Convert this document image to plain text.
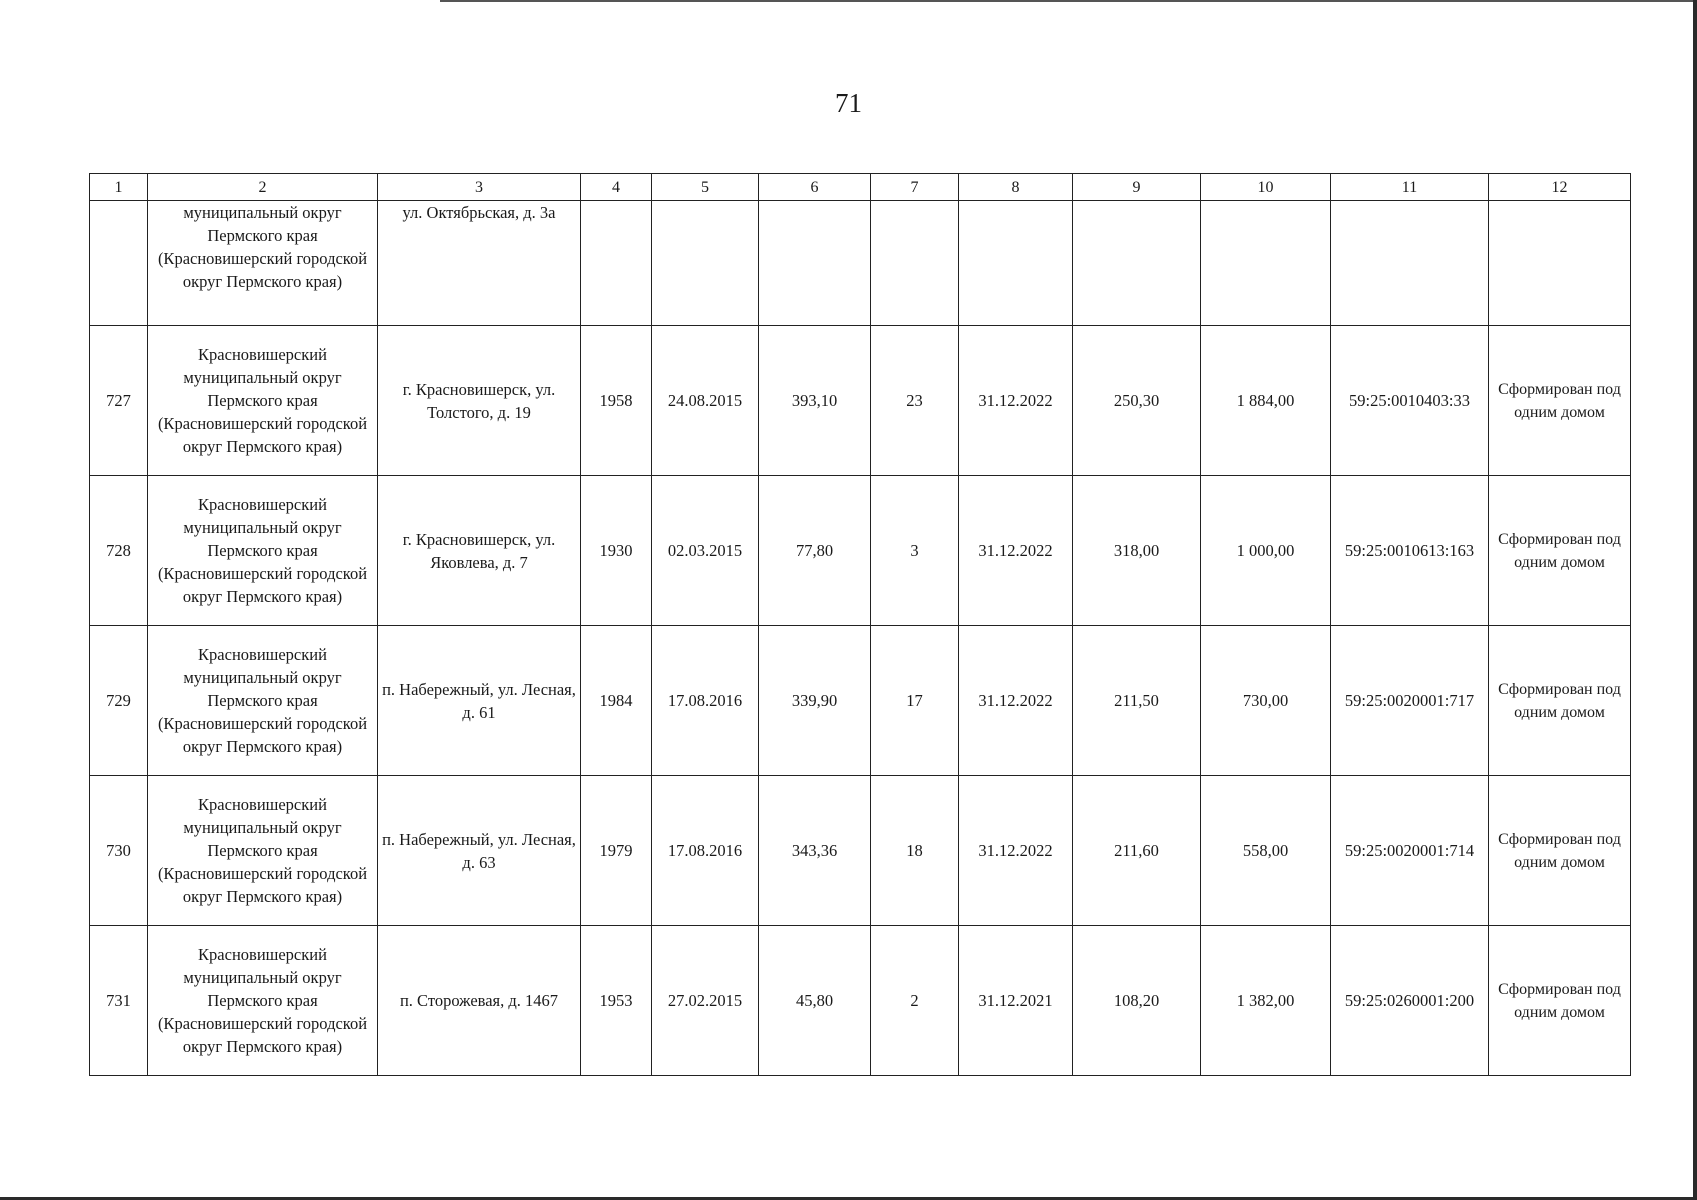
71
1	2	3	4	5	6	7	8	9	10	11	12
	муниципальный округ Пермского края (Красновишерский городской округ Пермского края)	ул. Октябрьская, д. 3а									
727	Красновишерский муниципальный округ Пермского края (Красновишерский городской округ Пермского края)	г. Красновишерск, ул. Толстого, д. 19	1958	24.08.2015	393,10	23	31.12.2022	250,30	1 884,00	59:25:0010403:33	Сформирован под одним домом
728	Красновишерский муниципальный округ Пермского края (Красновишерский городской округ Пермского края)	г. Красновишерск, ул. Яковлева, д. 7	1930	02.03.2015	77,80	3	31.12.2022	318,00	1 000,00	59:25:0010613:163	Сформирован под одним домом
729	Красновишерский муниципальный округ Пермского края (Красновишерский городской округ Пермского края)	п. Набережный, ул. Лесная, д. 61	1984	17.08.2016	339,90	17	31.12.2022	211,50	730,00	59:25:0020001:717	Сформирован под одним домом
730	Красновишерский муниципальный округ Пермского края (Красновишерский городской округ Пермского края)	п. Набережный, ул. Лесная, д. 63	1979	17.08.2016	343,36	18	31.12.2022	211,60	558,00	59:25:0020001:714	Сформирован под одним домом
731	Красновишерский муниципальный округ Пермского края (Красновишерский городской округ Пермского края)	п. Сторожевая, д. 1467	1953	27.02.2015	45,80	2	31.12.2021	108,20	1 382,00	59:25:0260001:200	Сформирован под одним домом
